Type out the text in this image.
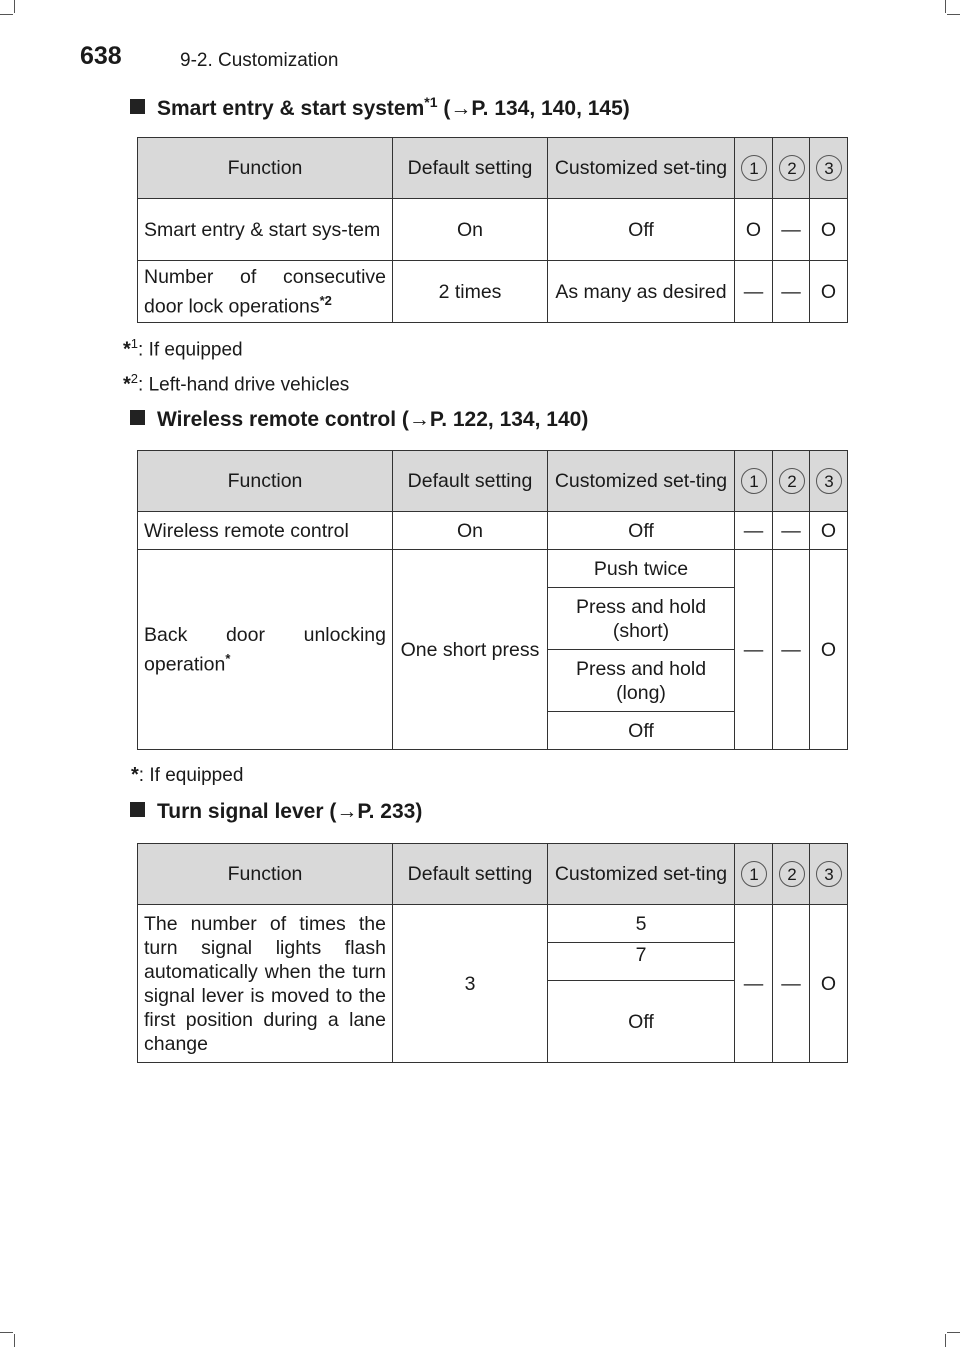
638	9-2. Customization
Smart entry & start system$^{*1}$ (→P. 134, 140, 145)
Function	Default setting	Customized set-ting	1	2	3
Smart entry & start sys-tem	On	Off	O	—	O
Number of consecutive door lock operations$^{*2}$	2 times	As many as desired	—	—	O
*$^1$: If equipped
*$^2$: Left-hand drive vehicles
Wireless remote control (→P. 122, 134, 140)
Function	Default setting	Customized set-ting	1	2	3
Wireless remote control	On	Off	—	—	O
Back door unlocking operation*	One short press	Push twice	—	—	O
		Press and hold (short)			
		Press and hold (long)			
		Off			
*: If equipped
Turn signal lever (→P. 233)
Function	Default setting	Customized set-ting	1	2	3
The number of times the turn signal lights flash automatically when the turn signal lever is moved to the first position during a lane change	3	5	—	—	O
		7			
		Off			
